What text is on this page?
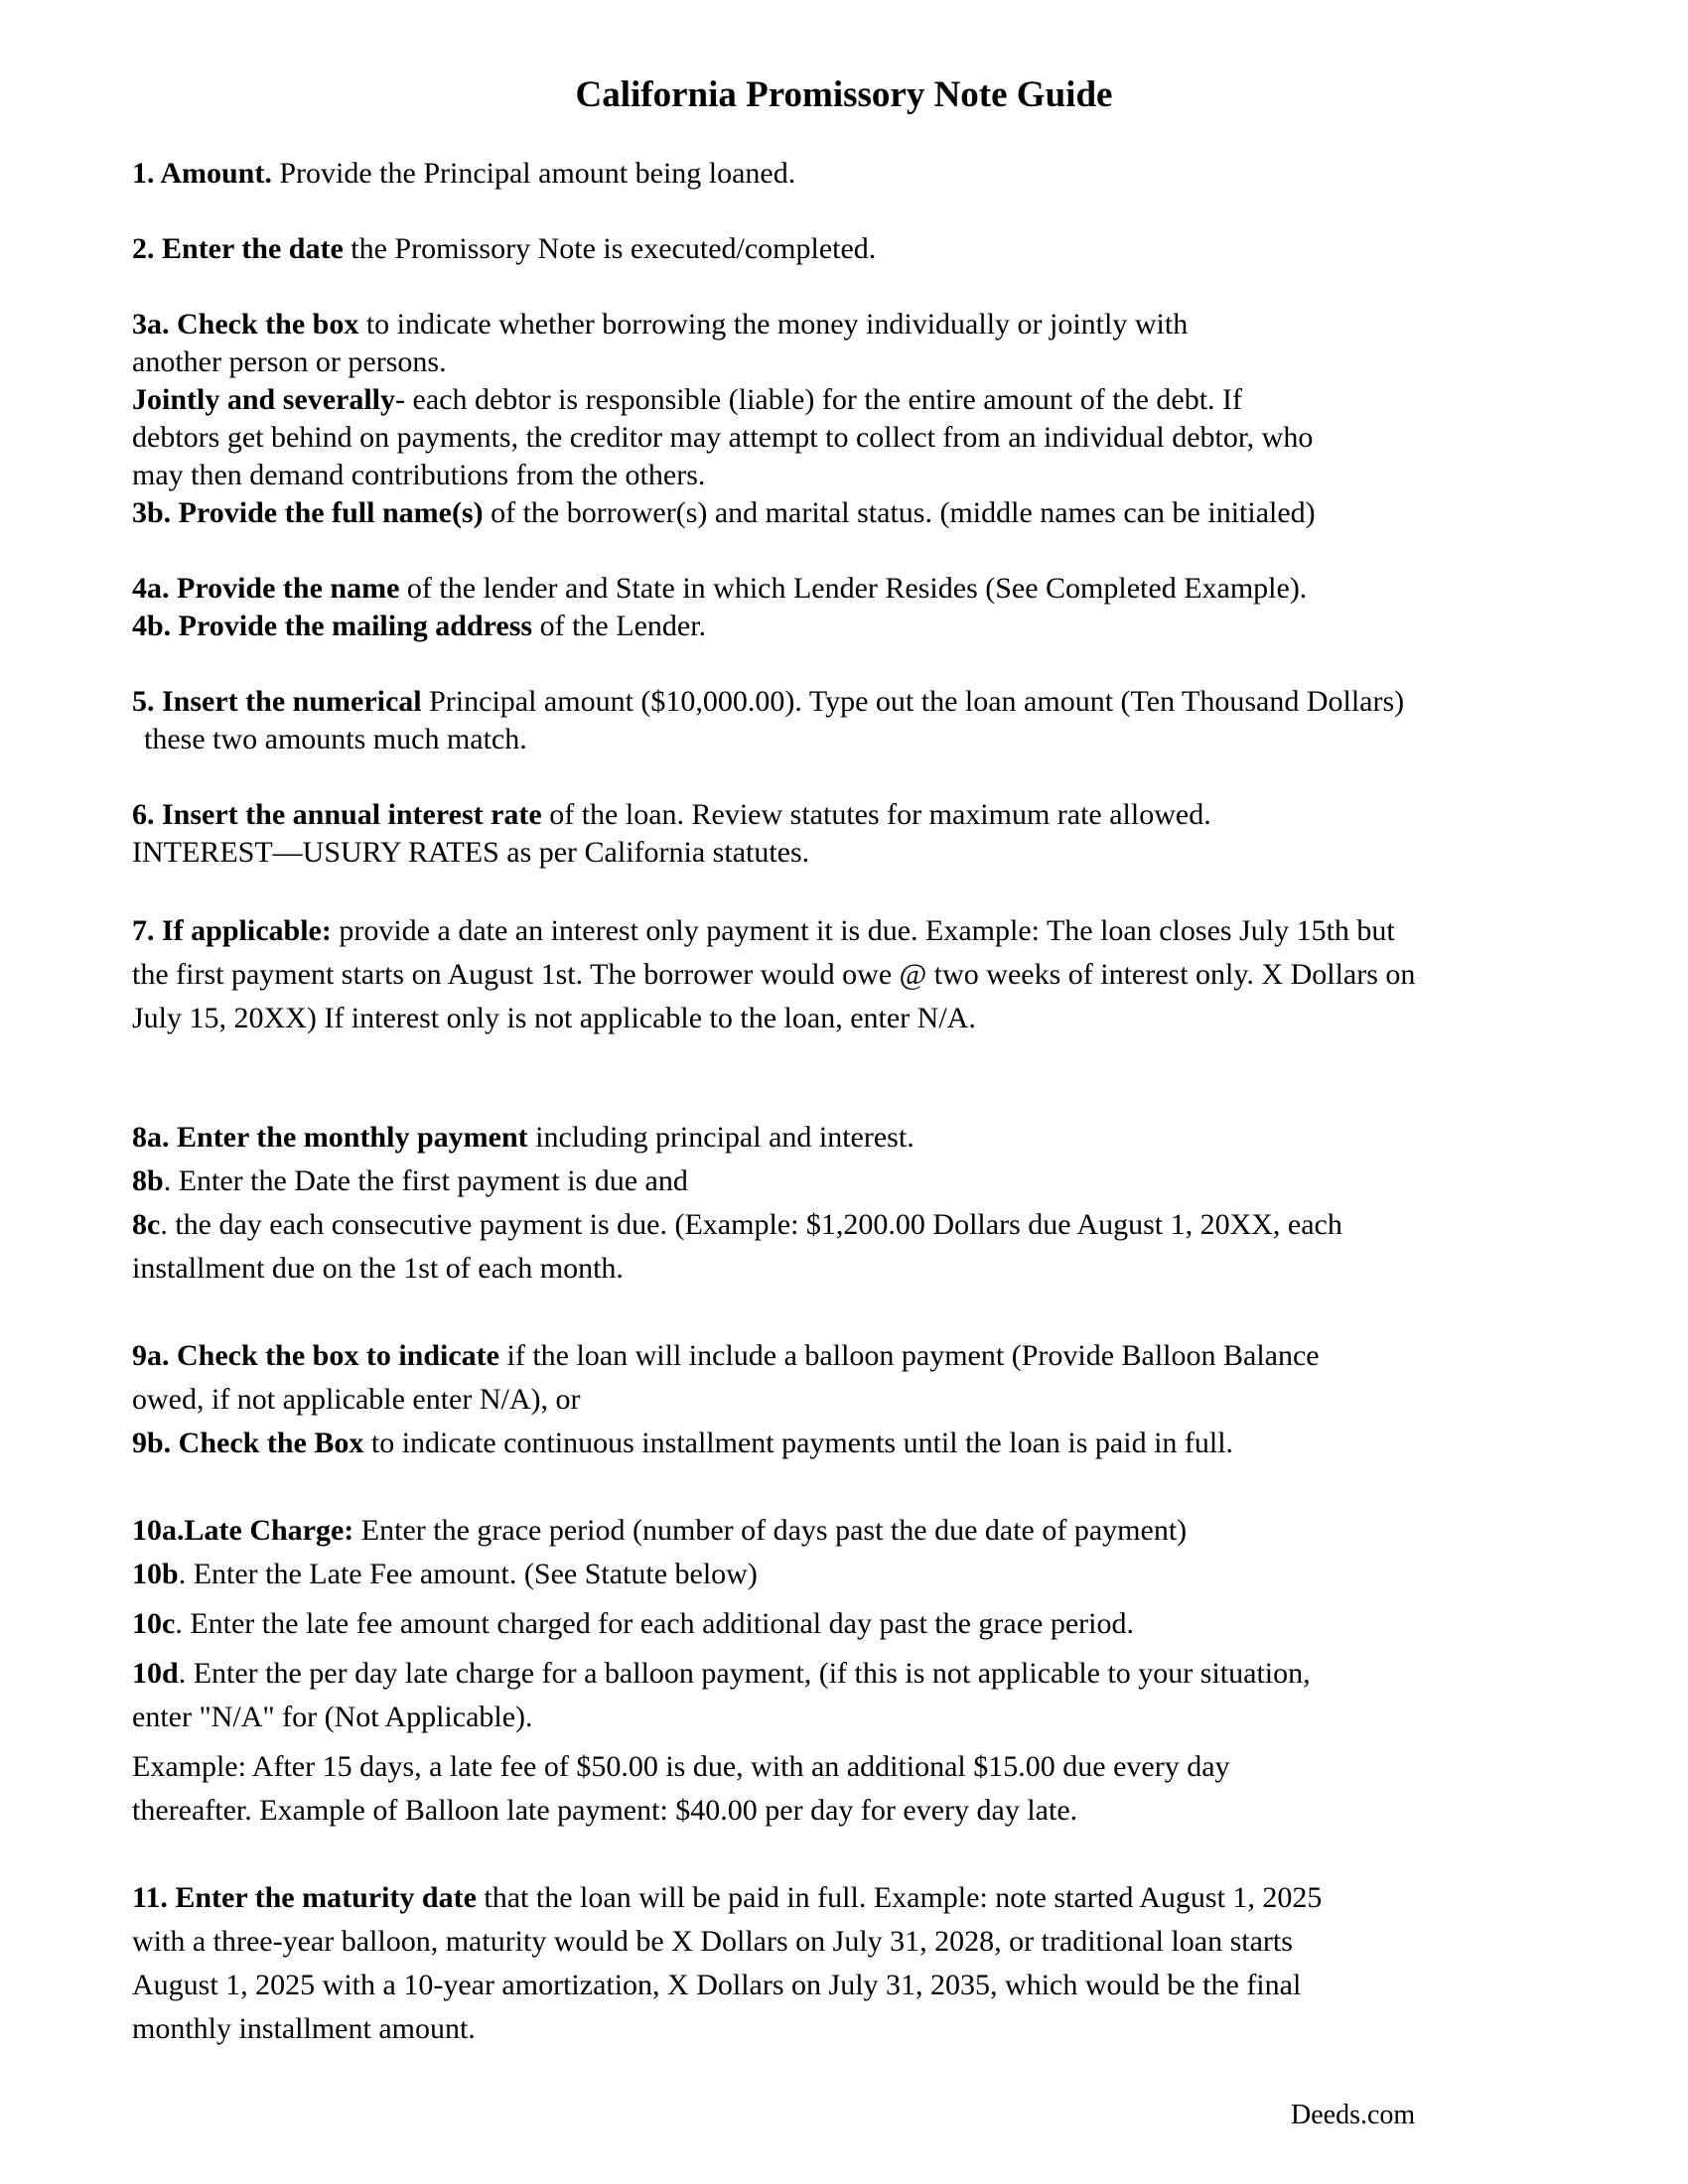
California Promissory Note Guide

1. Amount. Provide the Principal amount being loaned.

2. Enter the date the Promissory Note is executed/completed.

3a. Check the box to indicate whether borrowing the money individually or jointly with
another person or persons.

Jointly and severally- each debtor is responsible (liable) for the entire amount of the debt. If
debtors get behind on payments, the creditor may attempt to collect from an individual debtor, who
may then demand contributions from the others.

3b. Provide the full name(s) of the borrower(s) and marital status. (middle names can be initialed)

4a. Provide the name of the lender and State in which Lender Resides (See Completed Example).

4b. Provide the mailing address of the Lender.

5. Insert the numerical Principal amount ($10,000.00). Type out the loan amount (Ten Thousand Dollars)
these two amounts much match.

6. Insert the annual interest rate of the loan. Review statutes for maximum rate allowed.
INTEREST—USURY RATES as per California statutes.

7. If applicable: provide a date an interest only payment it is due. Example: The loan closes July 15th but
the first payment starts on August 1st. The borrower would owe @ two weeks of interest only. X Dollars on
July 15, 20XX) If interest only is not applicable to the loan, enter N/A.

8a. Enter the monthly payment including principal and interest.
8b. Enter the Date the first payment is due and
8c. the day each consecutive payment is due. (Example: $1,200.00 Dollars due August 1, 20XX, each
installment due on the 1st of each month.

9a. Check the box to indicate if the loan will include a balloon payment (Provide Balloon Balance
owed, if not applicable enter N/A), or
9b. Check the Box to indicate continuous installment payments until the loan is paid in full.

10a.Late Charge: Enter the grace period (number of days past the due date of payment)

10b. Enter the Late Fee amount. (See Statute below)

10c. Enter the late fee amount charged for each additional day past the grace period.

10d. Enter the per day late charge for a balloon payment, (if this is not applicable to your situation,
enter "N/A" for (Not Applicable).

Example: After 15 days, a late fee of $50.00 is due, with an additional $15.00 due every day
thereafter. Example of Balloon late payment: $40.00 per day for every day late.

11. Enter the maturity date that the loan will be paid in full. Example: note started August 1, 2025
with a three-year balloon, maturity would be X Dollars on July 31, 2028, or traditional loan starts
August 1, 2025 with a 10-year amortization, X Dollars on July 31, 2035, which would be the final
monthly installment amount.

Deeds.com
